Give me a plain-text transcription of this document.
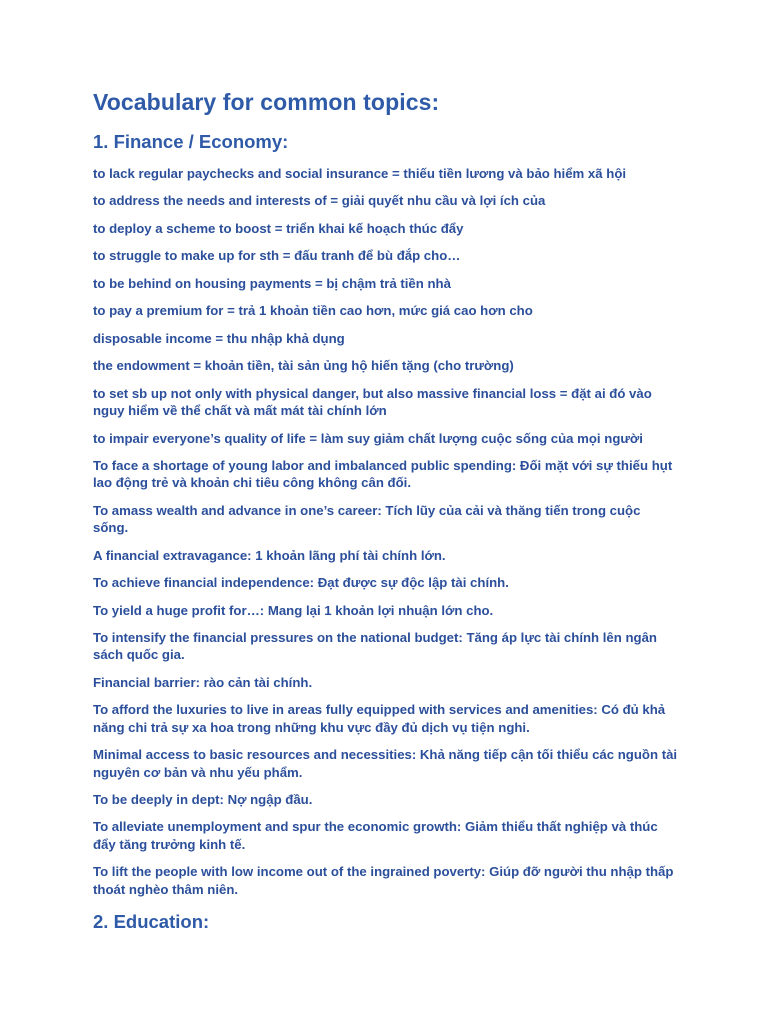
Vocabulary for common topics:
1. Finance / Economy:
to lack regular paychecks and social insurance = thiếu tiền lương và bảo hiểm xã hội
to address the needs and interests of = giải quyết nhu cầu và lợi ích của
to deploy a scheme to boost = triển khai kế hoạch thúc đẩy
to struggle to make up for sth = đấu tranh để bù đắp cho…
to be behind on housing payments = bị chậm trả tiền nhà
to pay a premium for = trả 1 khoản tiền cao hơn, mức giá cao hơn cho
disposable income = thu nhập khả dụng
the endowment = khoản tiền, tài sản ủng hộ hiến tặng (cho trường)
to set sb up not only with physical danger, but also massive financial loss = đặt ai đó vào nguy hiểm về thể chất và mất mát tài chính lớn
to impair everyone’s quality of life = làm suy giảm chất lượng cuộc sống của mọi người
To face a shortage of young labor and imbalanced public spending: Đối mặt với sự thiếu hụt lao động trẻ và khoản chi tiêu công không cân đối.
To amass wealth and advance in one’s career: Tích lũy của cải và thăng tiến trong cuộc sống.
A financial extravagance: 1 khoản lãng phí tài chính lớn.
To achieve financial independence: Đạt được sự độc lập tài chính.
To yield a huge profit for…: Mang lại 1 khoản lợi nhuận lớn cho.
To intensify the financial pressures on the national budget: Tăng áp lực tài chính lên ngân sách quốc gia.
Financial barrier: rào cản tài chính.
To afford the luxuries to live in areas fully equipped with services and amenities: Có đủ khả năng chi trả sự xa hoa trong những khu vực đầy đủ dịch vụ tiện nghi.
Minimal access to basic resources and necessities: Khả năng tiếp cận tối thiểu các nguồn tài nguyên cơ bản và nhu yếu phẩm.
To be deeply in dept: Nợ ngập đầu.
To alleviate unemployment and spur the economic growth: Giảm thiểu thất nghiệp và thúc đẩy tăng trưởng kinh tế.
To lift the people with low income out of the ingrained poverty: Giúp đỡ người thu nhập thấp thoát nghèo thâm niên.
2. Education:
